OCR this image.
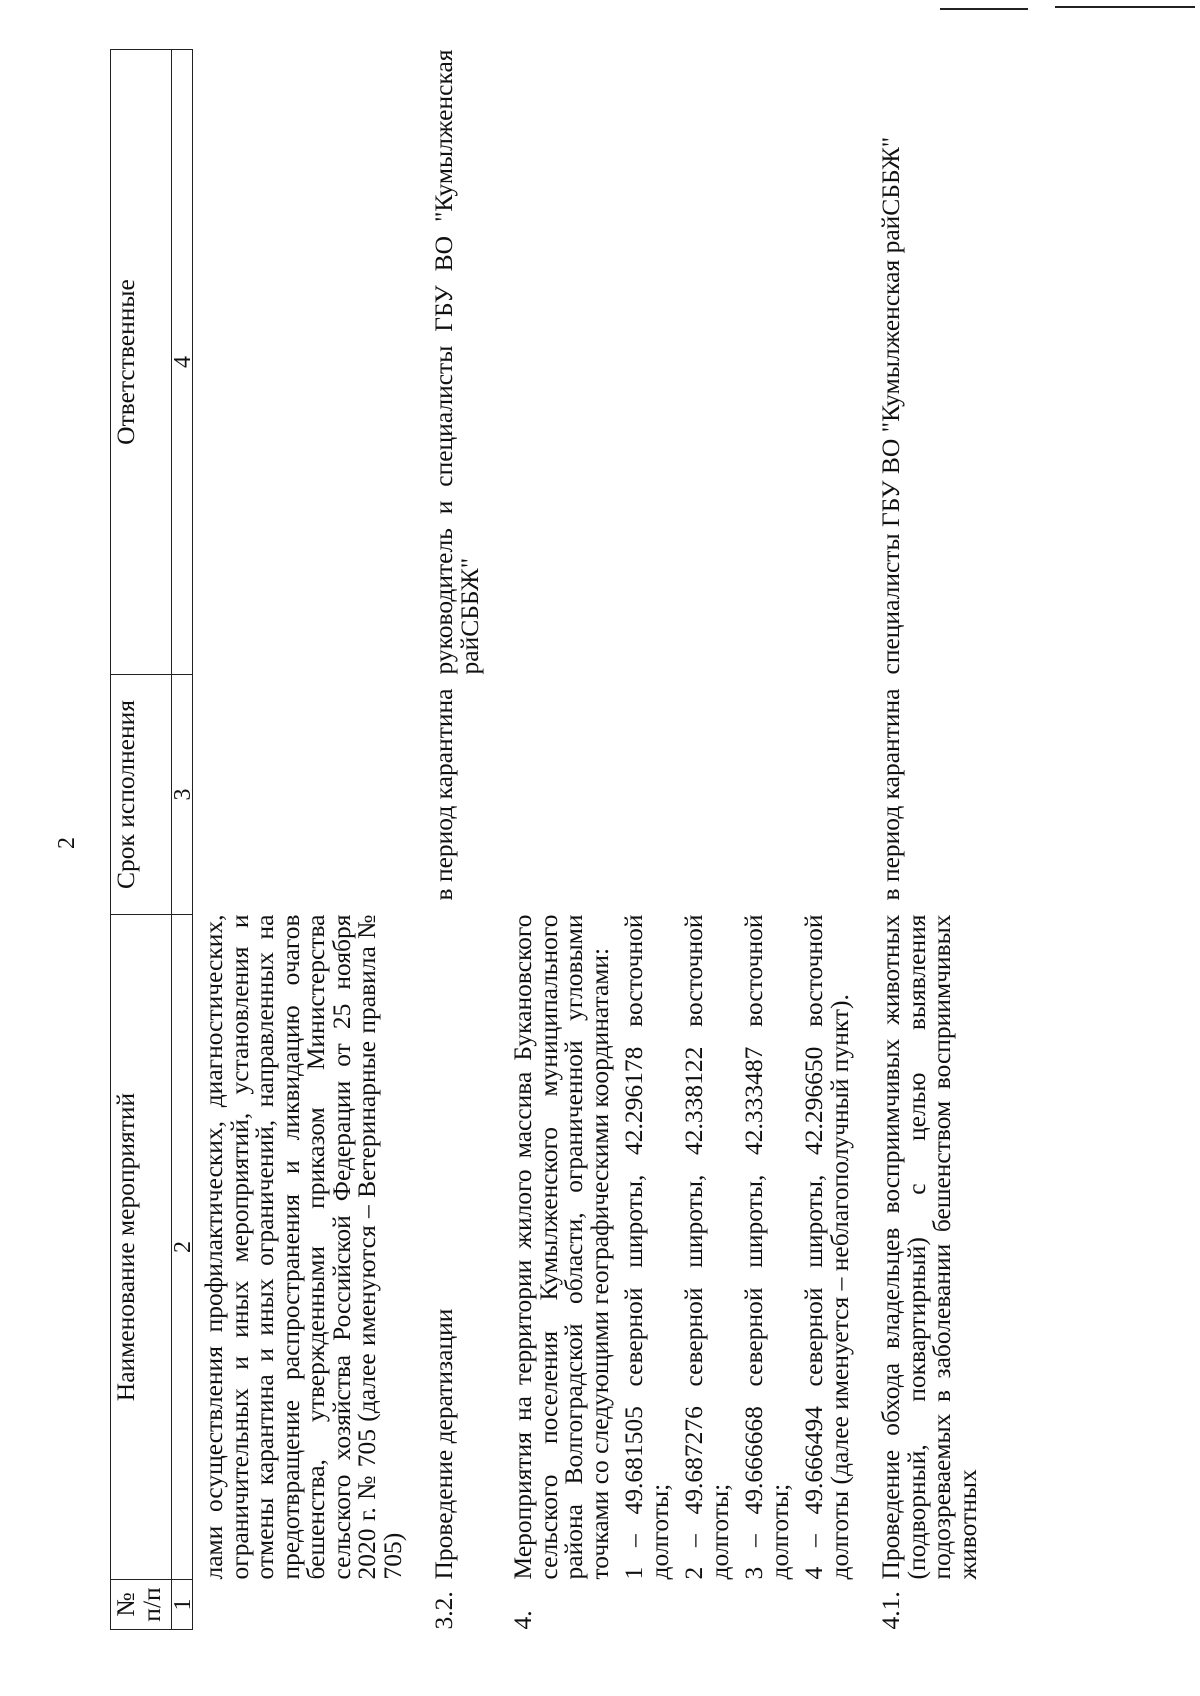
2
№ п/п	Наименование мероприятий	Срок исполнения	Ответственные
1	2	3	4
	лами осуществления профилактических, диагностических, ограничительных и иных мероприятий, установления и отмены карантина и иных ограничений, направленных на предотвращение распространения и ликвидацию очагов бешенства, утвержденными приказом Министерства сельского хозяйства Российской Федерации от 25 ноября 2020 г. № 705 (далее именуются – Ветеринарные правила № 705)		
3.2.	Проведение дератизации	в период карантина	руководитель и специалисты ГБУ ВО "Кумылженская райСББЖ"
4.	Мероприятия на территории жилого массива Букановского сельского поселения Кумылженского муниципального района Волгоградской области, ограниченной угловыми точками со следующими географическими координатами: 1 – 49.681505 северной широты, 42.296178 восточной долготы; 2 – 49.687276 северной широты, 42.338122 восточной долготы; 3 – 49.666668 северной широты, 42.333487 восточной долготы; 4 – 49.666494 северной широты, 42.296650 восточной долготы (далее именуется – неблагополучный пункт).		

4.1.	Проведение обхода владельцев восприимчивых животных (подворный, поквартирный) с целью выявления подозреваемых в заболевании бешенством восприимчивых животных	в период карантина	специалисты ГБУ ВО "Кумылженская райСББЖ"
